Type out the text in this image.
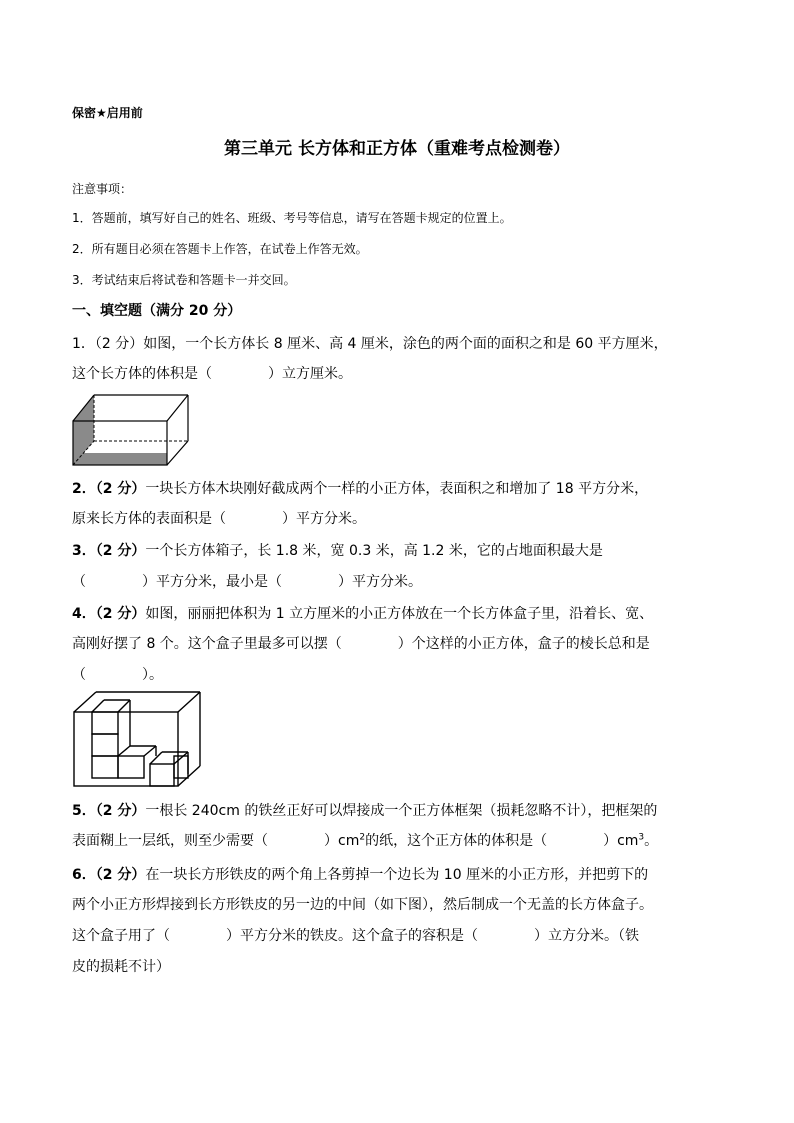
保密★启用前
第三单元 长方体和正方体（重难考点检测卷）
注意事项：
1．答题前，填写好自己的姓名、班级、考号等信息，请写在答题卡规定的位置上。
2．所有题目必须在答题卡上作答，在试卷上作答无效。
3．考试结束后将试卷和答题卡一并交回。
一、填空题（满分 20 分）
1．（2 分）如图，一个长方体长 8 厘米、高 4 厘米，涂色的两个面的面积之和是 60 平方厘米，
这个长方体的体积是（　　　　）立方厘米。
2．（2 分）一块长方体木块刚好截成两个一样的小正方体，表面积之和增加了 18 平方分米，
原来长方体的表面积是（　　　　）平方分米。
3．（2 分）一个长方体箱子，长 1.8 米，宽 0.3 米，高 1.2 米，它的占地面积最大是
（　　　　）平方分米，最小是（　　　　）平方分米。
4．（2 分）如图，丽丽把体积为 1 立方厘米的小正方体放在一个长方体盒子里，沿着长、宽、
高刚好摆了 8 个。这个盒子里最多可以摆（　　　　）个这样的小正方体，盒子的棱长总和是
（　　　　）。
5．（2 分）一根长 240cm 的铁丝正好可以焊接成一个正方体框架（损耗忽略不计），把框架的
表面糊上一层纸，则至少需要（　　　　）$cm^2$的纸，这个正方体的体积是（　　　　）$cm^3$。
6．（2 分）在一块长方形铁皮的两个角上各剪掉一个边长为 10 厘米的小正方形，并把剪下的
两个小正方形焊接到长方形铁皮的另一边的中间（如下图），然后制成一个无盖的长方体盒子。
这个盒子用了（　　　　）平方分米的铁皮。这个盒子的容积是（　　　　）立方分米。（铁
皮的损耗不计）
